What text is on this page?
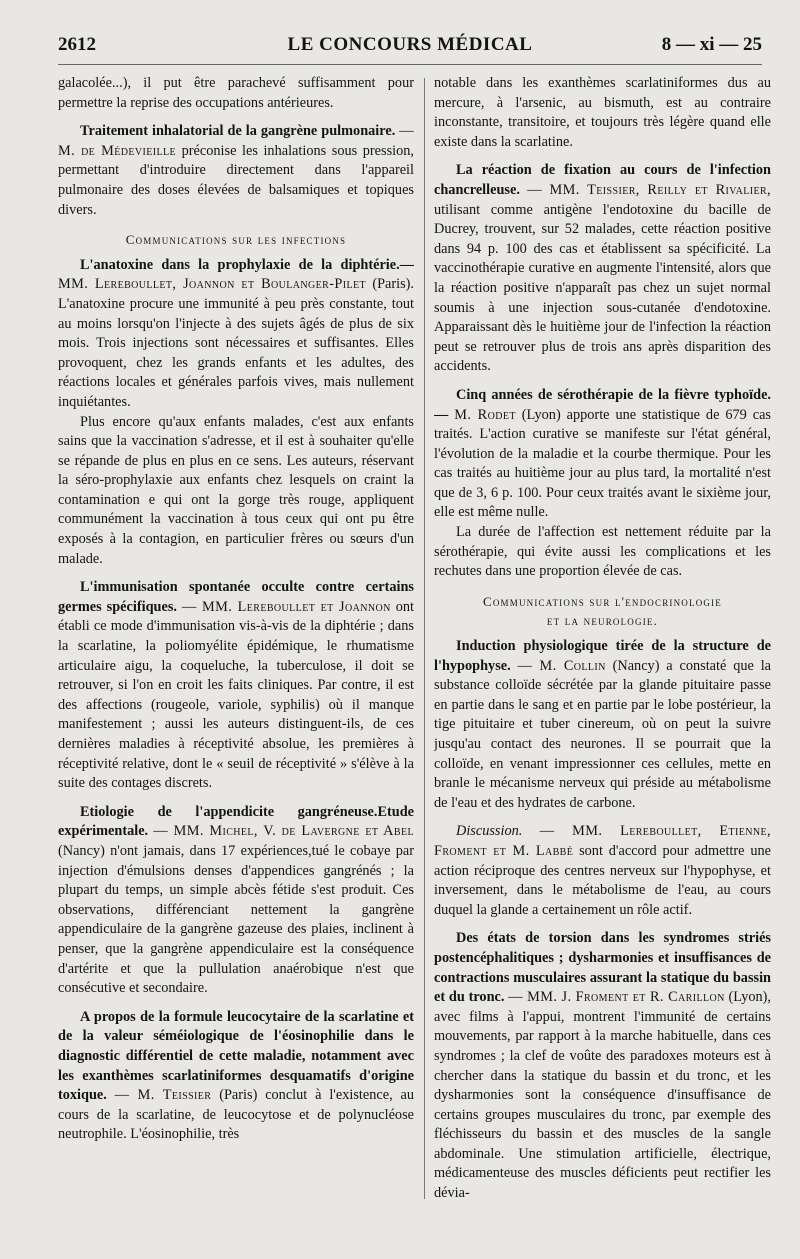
2612	LE CONCOURS MÉDICAL	8 — xi — 25

galacolée...), il put être parachevé suffisamment pour permettre la reprise des occupations antérieures.

Traitement inhalatorial de la gangrène pulmonaire. — M. de Médevieille préconise les inhalations sous pression, permettant d'introduire directement dans l'appareil pulmonaire des doses élevées de balsamiques et topiques divers.

Communications sur les infections

L'anatoxine dans la prophylaxie de la diphtérie.— MM. Lereboullet, Joannon et Boulanger-Pilet (Paris). L'anatoxine procure une immunité à peu près constante, tout au moins lorsqu'on l'injecte à des sujets âgés de plus de six mois. Trois injections sont nécessaires et suffisantes. Elles provoquent, chez les grands enfants et les adultes, des réactions locales et générales parfois vives, mais nullement inquiétantes.

Plus encore qu'aux enfants malades, c'est aux enfants sains que la vaccination s'adresse, et il est à souhaiter qu'elle se répande de plus en plus en ce sens. Les auteurs, réservant la séro-prophylaxie aux enfants chez lesquels on craint la contamination e qui ont la gorge très rouge, appliquent communément la vaccination à tous ceux qui ont pu être exposés à la contagion, en particulier frères ou sœurs d'un malade.

L'immunisation spontanée occulte contre certains germes spécifiques. — MM. Lereboullet et Joannon ont établi ce mode d'immunisation vis-à-vis de la diphtérie ; dans la scarlatine, la poliomyélite épidémique, le rhumatisme articulaire aigu, la coqueluche, la tuberculose, il doit se retrouver, si l'on en croit les faits cliniques. Par contre, il est des affections (rougeole, variole, syphilis) où il manque manifestement ; aussi les auteurs distinguent-ils, de ces dernières maladies à réceptivité absolue, les premières à réceptivité relative, dont le « seuil de réceptivité » s'élève à la suite des contages discrets.

Etiologie de l'appendicite gangréneuse.Etude expérimentale. — MM. Michel, V. de Lavergne et Abel (Nancy) n'ont jamais, dans 17 expériences,tué le cobaye par injection d'émulsions denses d'appendices gangrénés ; la plupart du temps, un simple abcès fétide s'est produit. Ces observations, différenciant nettement la gangrène appendiculaire de la gangrène gazeuse des plaies, inclinent à penser, que la gangrène appendiculaire est la conséquence d'artérite et que la pullulation anaérobique n'est que consécutive et secondaire.

A propos de la formule leucocytaire de la scarlatine et de la valeur séméiologique de l'éosinophilie dans le diagnostic différentiel de cette maladie, notamment avec les exanthèmes scarlatiniformes desquamatifs d'origine toxique. — M. Teissier (Paris) conclut à l'existence, au cours de la scarlatine, de leucocytose et de polynucléose neutrophile. L'éosinophilie, très

notable dans les exanthèmes scarlatiniformes dus au mercure, à l'arsenic, au bismuth, est au contraire inconstante, transitoire, et toujours très légère quand elle existe dans la scarlatine.

La réaction de fixation au cours de l'infection chancrelleuse. — MM. Teissier, Reilly et Rivalier, utilisant comme antigène l'endotoxine du bacille de Ducrey, trouvent, sur 52 malades, cette réaction positive dans 94 p. 100 des cas et établissent sa spécificité. La vaccinothérapie curative en augmente l'intensité, alors que la réaction positive n'apparaît pas chez un sujet normal soumis à une injection sous-cutanée d'endotoxine. Apparaissant dès le huitième jour de l'infection la réaction peut se retrouver plus de trois ans après disparition des accidents.

Cinq années de sérothérapie de la fièvre typhoïde.— M. Rodet (Lyon) apporte une statistique de 679 cas traités. L'action curative se manifeste sur l'état général, l'évolution de la maladie et la courbe thermique. Pour les cas traités au huitième jour au plus tard, la mortalité n'est que de 3, 6 p. 100. Pour ceux traités avant le sixième jour, elle est même nulle.

La durée de l'affection est nettement réduite par la sérothérapie, qui évite aussi les complications et les rechutes dans une proportion élevée de cas.

Communications sur l'endocrinologie
et la neurologie.

Induction physiologique tirée de la structure de l'hypophyse. — M. Collin (Nancy) a constaté que la substance colloïde sécrétée par la glande pituitaire passe en partie dans le sang et en partie par le lobe postérieur, la tige pituitaire et tuber cinereum, où on peut la suivre jusqu'au contact des neurones. Il se pourrait que la colloïde, en venant impressionner ces cellules, mette en branle le mécanisme nerveux qui préside au métabolisme de l'eau et des hydrates de carbone.

Discussion. — MM. Lereboullet, Etienne, Froment et M. Labbé sont d'accord pour admettre une action réciproque des centres nerveux sur l'hypophyse, et inversement, dans le métabolisme de l'eau, au cours duquel la glande a certainement un rôle actif.

Des états de torsion dans les syndromes striés postencéphalitiques ; dysharmonies et insuffisances de contractions musculaires assurant la statique du bassin et du tronc. — MM. J. Froment et R. Carillon (Lyon), avec films à l'appui, montrent l'immunité de certains mouvements, par rapport à la marche habituelle, dans ces syndromes ; la clef de voûte des paradoxes moteurs est à chercher dans la statique du bassin et du tronc, et les dysharmonies sont la conséquence d'insuffisance de certains groupes musculaires du tronc, par exemple des fléchisseurs du bassin et des muscles de la sangle abdominale. Une stimulation artificielle, électrique, médicamenteuse des muscles déficients peut rectifier les dévia-
